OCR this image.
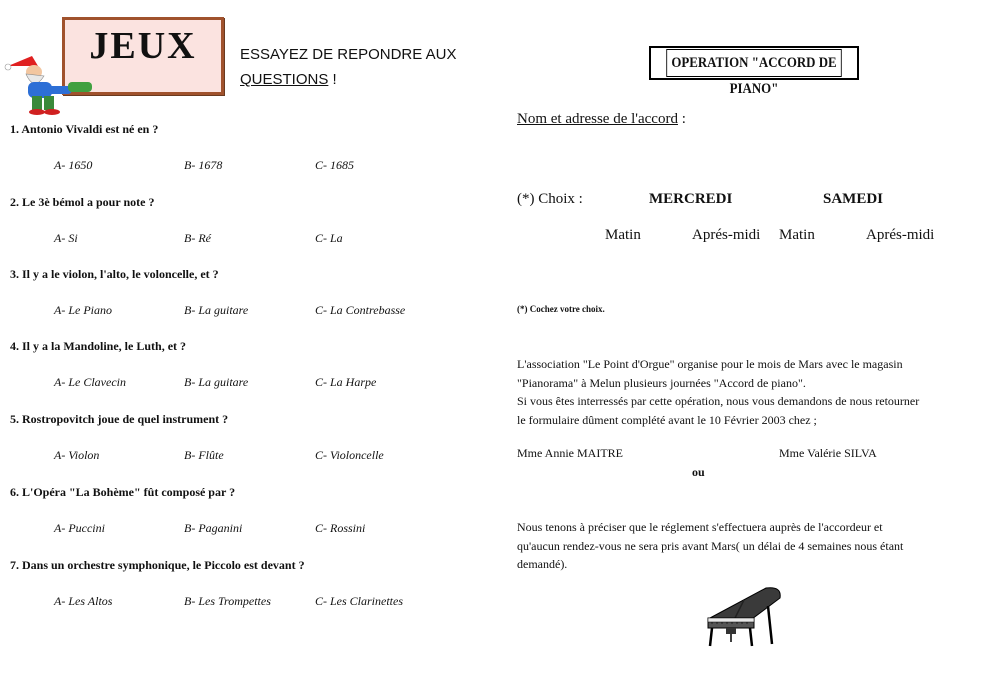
JEUX	ESSAYEZ DE REPONDRE AUX
QUESTIONS !
1. Antonio Vivaldi est né en ?
A- 1650	B- 1678	C- 1685
2. Le 3è bémol a pour note ?
A- Si	B- Ré	C- La
3. Il y a le violon, l'alto, le voloncelle, et ?
A- Le Piano	B- La guitare	C- La Contrebasse
4. Il y a la Mandoline, le Luth, et ?
A- Le Clavecin	B- La guitare	C- La Harpe
5. Rostropovitch joue de quel instrument ?
A- Violon	B- Flûte	C- Violoncelle
6. L'Opéra "La Bohème" fût composé par ?
A- Puccini	B- Paganini	C- Rossini
7. Dans un orchestre symphonique, le Piccolo est devant ?
A- Les Altos	B- Les Trompettes	C- Les Clarinettes
OPERATION "ACCORD DE PIANO"
Nom et adresse de l'accord :
(*) Choix :	MERCREDI	SAMEDI
Matin	Aprés-midi Matin	Aprés-midi
(*) Cochez votre choix.
L'association "Le Point d'Orgue" organise pour le mois de Mars avec le magasin
"Pianorama" à Melun plusieurs journées "Accord de piano".
Si vous êtes interressés par cette opération, nous vous demandons de nous retourner
le formulaire dûment complété avant le 10 Février 2003 chez ;
Mme Annie MAITRE	Mme Valérie SILVA
ou
Nous tenons à préciser que le réglement s'effectuera auprès de l'accordeur et
qu'aucun rendez-vous ne sera pris avant Mars( un délai de 4 semaines nous étant
demandé).
